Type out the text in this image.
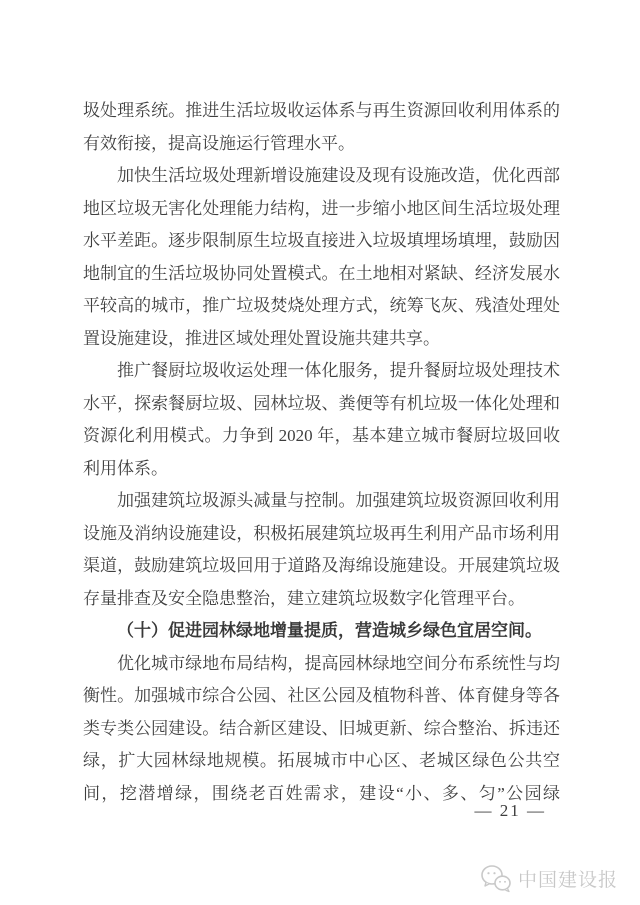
圾处理系统。推进生活垃圾收运体系与再生资源回收利用体系的
有效衔接，提高设施运行管理水平。
加快生活垃圾处理新增设施建设及现有设施改造，优化西部
地区垃圾无害化处理能力结构，进一步缩小地区间生活垃圾处理
水平差距。逐步限制原生垃圾直接进入垃圾填埋场填埋，鼓励因
地制宜的生活垃圾协同处置模式。在土地相对紧缺、经济发展水
平较高的城市，推广垃圾焚烧处理方式，统筹飞灰、残渣处理处
置设施建设，推进区域处理处置设施共建共享。
推广餐厨垃圾收运处理一体化服务，提升餐厨垃圾处理技术
水平，探索餐厨垃圾、园林垃圾、粪便等有机垃圾一体化处理和
资源化利用模式。力争到 2020 年，基本建立城市餐厨垃圾回收
利用体系。
加强建筑垃圾源头减量与控制。加强建筑垃圾资源回收利用
设施及消纳设施建设，积极拓展建筑垃圾再生利用产品市场利用
渠道，鼓励建筑垃圾回用于道路及海绵设施建设。开展建筑垃圾
存量排查及安全隐患整治，建立建筑垃圾数字化管理平台。
（十）促进园林绿地增量提质，营造城乡绿色宜居空间。
优化城市绿地布局结构，提高园林绿地空间分布系统性与均
衡性。加强城市综合公园、社区公园及植物科普、体育健身等各
类专类公园建设。结合新区建设、旧城更新、综合整治、拆违还
绿，扩大园林绿地规模。拓展城市中心区、老城区绿色公共空
间，挖潜增绿，围绕老百姓需求，建设“小、多、匀”公园绿
— 21 —
中国建设报
